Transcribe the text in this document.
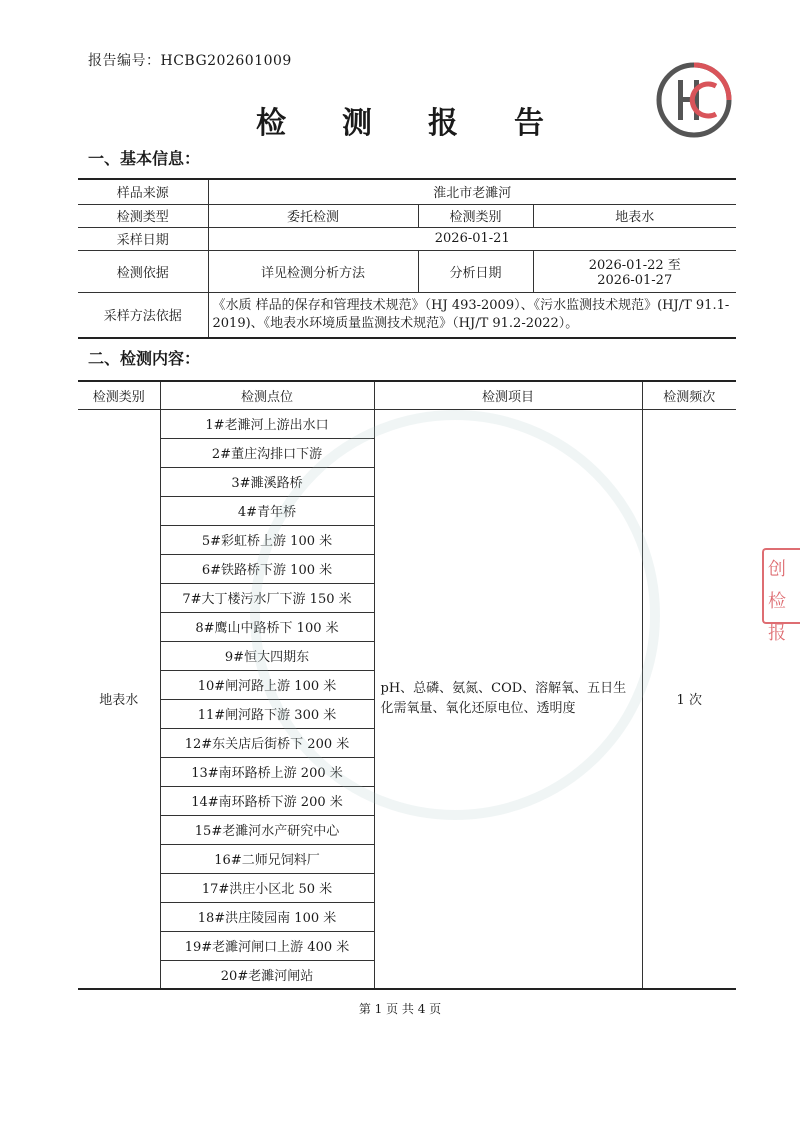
报告编号：HCBG202601009
检测报告
一、基本信息：
样品来源	淮北市老濉河		
检测类型	委托检测	检测类别	地表水
采样日期	2026-01-21		
检测依据	详见检测分析方法	分析日期	2026-01-22 至
2026-01-27

采样方法依据	《水质 样品的保存和管理技术规范》（HJ 493-2009）、《污水监测技术规范》(HJ/T 91.1-2019)、《地表水环境质量监测技术规范》（HJ/T 91.2-2022）。		
二、检测内容：
检测类别	检测点位	检测项目	检测频次
地表水	1#老濉河上游出水口	pH、总磷、氨氮、COD、溶解氧、五日生化需氧量、氧化还原电位、透明度	1 次
	2#董庄沟排口下游		
	3#濉溪路桥		
	4#青年桥		
	5#彩虹桥上游 100 米		
	6#铁路桥下游 100 米		
	7#大丁楼污水厂下游 150 米		
	8#鹰山中路桥下 100 米		
	9#恒大四期东		
	10#闸河路上游 100 米		
	11#闸河路下游 300 米		
	12#东关店后街桥下 200 米		
	13#南环路桥上游 200 米		
	14#南环路桥下游 200 米		
	15#老濉河水产研究中心		
	16#二师兄饲料厂		
	17#洪庄小区北 50 米		
	18#洪庄陵园南 100 米		
	19#老濉河闸口上游 400 米		
	20#老濉河闸站		
创检
报
第 1 页 共 4 页
